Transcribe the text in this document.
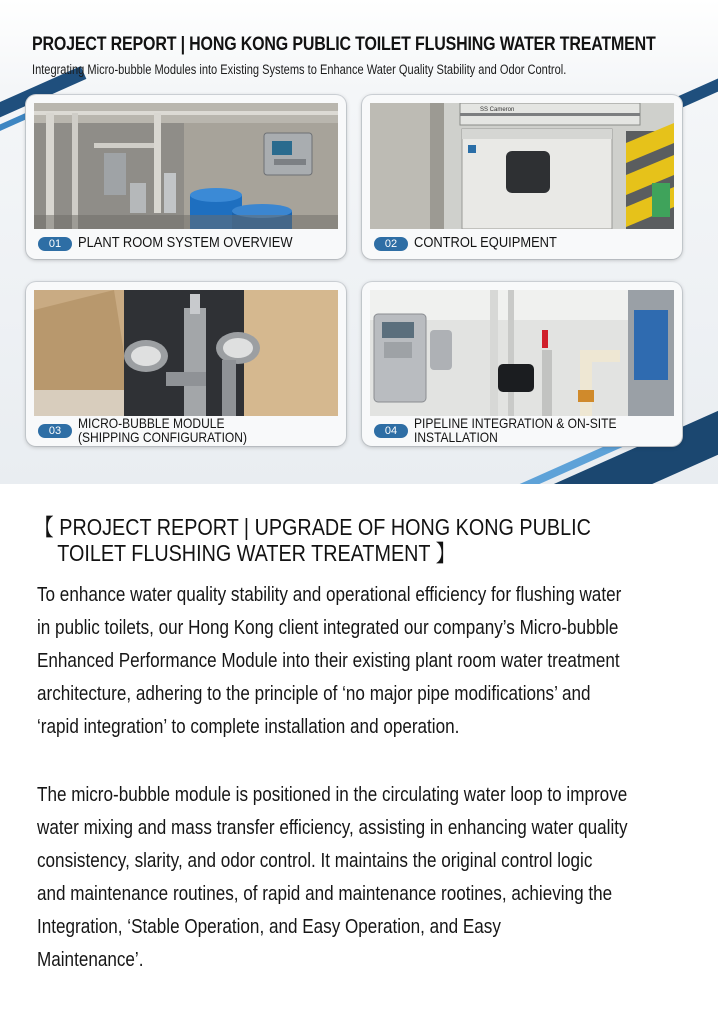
PROJECT REPORT | HONG KONG PUBLIC TOILET FLUSHING WATER TREATMENT
Integrating Micro-bubble Modules into Existing Systems to Enhance Water Quality Stability and Odor Control.
01	PLANT ROOM SYSTEM OVERVIEW
SS Cameron
02	CONTROL EQUIPMENT
03	MICRO-BUBBLE MODULE
(SHIPPING CONFIGURATION)	04	PIPELINE INTEGRATION & ON-SITE
INSTALLATION
【 PROJECT REPORT | UPGRADE OF HONG KONG PUBLIC
TOILET FLUSHING WATER TREATMENT 】
To enhance water quality stability and operational efficiency for flushing water
in public toilets, our Hong Kong client integrated our company’s Micro-bubble
Enhanced Performance Module into their existing plant room water treatment
architecture, adhering to the principle of ‘no major pipe modifications’ and
‘rapid integration’ to complete installation and operation.
The micro-bubble module is positioned in the circulating water loop to improve
water mixing and mass transfer efficiency, assisting in enhancing water quality
consistency, slarity, and odor control. It maintains the original control logic
and maintenance routines, of rapid and maintenance rootines, achieving the
Integration, ‘Stable Operation, and Easy Operation, and Easy
Maintenance’.
